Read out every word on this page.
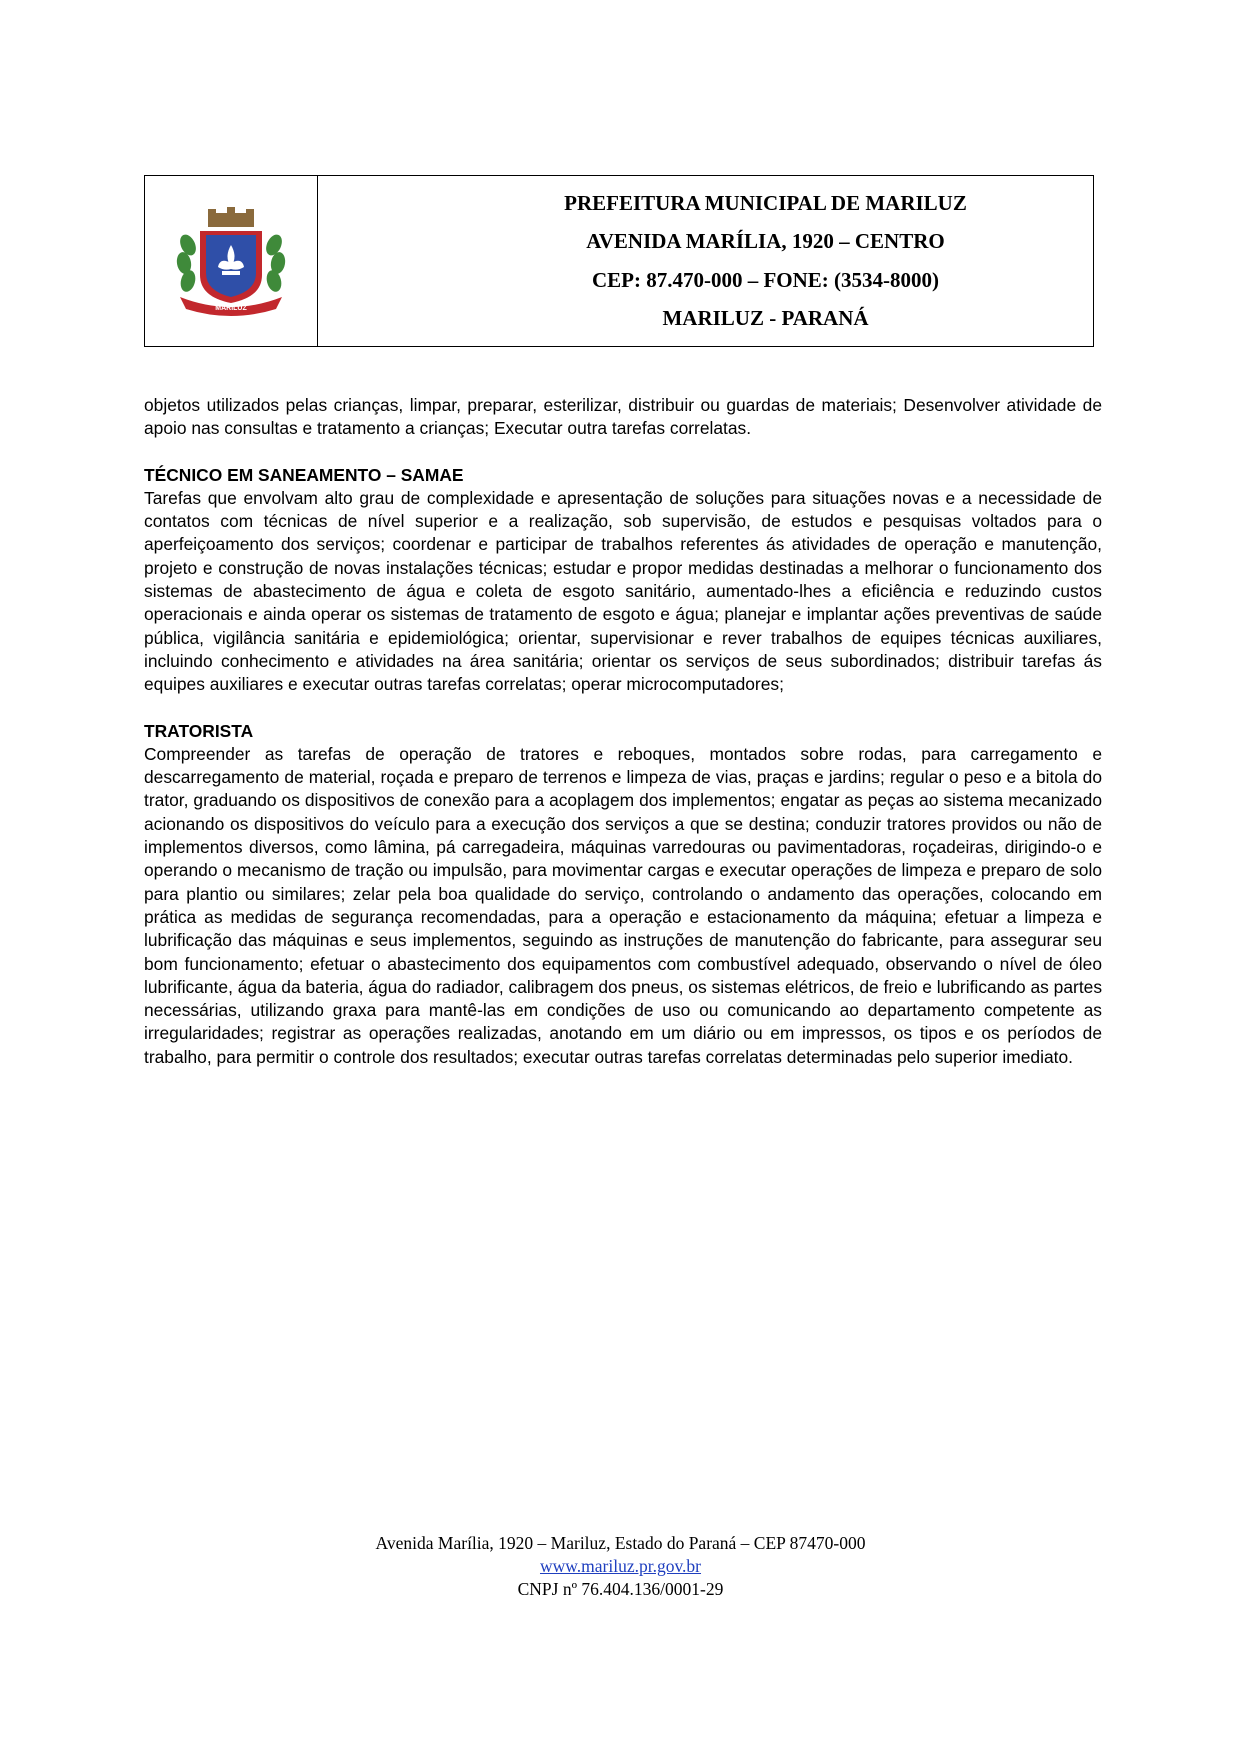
MARILUZ
PREFEITURA MUNICIPAL DE MARILUZ
AVENIDA MARÍLIA, 1920 – CENTRO
CEP: 87.470-000 – FONE: (3534-8000)
MARILUZ - PARANÁ

objetos utilizados pelas crianças, limpar, preparar, esterilizar, distribuir ou guardas de materiais; Desenvolver atividade de apoio nas consultas e tratamento a crianças; Executar outra tarefas correlatas.

TÉCNICO EM SANEAMENTO – SAMAE

Tarefas que envolvam alto grau de complexidade e apresentação de soluções para situações novas e a necessidade de contatos com técnicas de nível superior e a realização, sob supervisão, de estudos e pesquisas voltados para o aperfeiçoamento dos serviços; coordenar e participar de trabalhos referentes ás atividades de operação e manutenção, projeto e construção de novas instalações técnicas; estudar e propor medidas destinadas a melhorar o funcionamento dos sistemas de abastecimento de água e coleta de esgoto sanitário, aumentado-lhes a eficiência e reduzindo custos operacionais e ainda operar os sistemas de tratamento de esgoto e água; planejar e implantar ações preventivas de saúde pública, vigilância sanitária e epidemiológica; orientar, supervisionar e rever trabalhos de equipes técnicas auxiliares, incluindo conhecimento e atividades na área sanitária; orientar os serviços de seus subordinados; distribuir tarefas ás equipes auxiliares e executar outras tarefas correlatas; operar microcomputadores;

TRATORISTA

Compreender as tarefas de operação de tratores e reboques, montados sobre rodas, para carregamento e descarregamento de material, roçada e preparo de terrenos e limpeza de vias, praças e jardins; regular o peso e a bitola do trator, graduando os dispositivos de conexão para a acoplagem dos implementos; engatar as peças ao sistema mecanizado acionando os dispositivos do veículo para a execução dos serviços a que se destina; conduzir tratores providos ou não de implementos diversos, como lâmina, pá carregadeira, máquinas varredouras ou pavimentadoras, roçadeiras, dirigindo-o e operando o mecanismo de tração ou impulsão, para movimentar cargas e executar operações de limpeza e preparo de solo para plantio ou similares; zelar pela boa qualidade do serviço, controlando o andamento das operações, colocando em prática as medidas de segurança recomendadas, para a operação e estacionamento da máquina; efetuar a limpeza e lubrificação das máquinas e seus implementos, seguindo as instruções de manutenção do fabricante, para assegurar seu bom funcionamento; efetuar o abastecimento dos equipamentos com combustível adequado, observando o nível de óleo lubrificante, água da bateria, água do radiador, calibragem dos pneus, os sistemas elétricos, de freio e lubrificando as partes necessárias, utilizando graxa para mantê-las em condições de uso ou comunicando ao departamento competente as irregularidades; registrar as operações realizadas, anotando em um diário ou em impressos, os tipos e os períodos de trabalho, para permitir o controle dos resultados; executar outras tarefas correlatas determinadas pelo superior imediato.

Avenida Marília, 1920 – Mariluz, Estado do Paraná – CEP 87470-000
www.mariluz.pr.gov.br
CNPJ nº 76.404.136/0001-29
